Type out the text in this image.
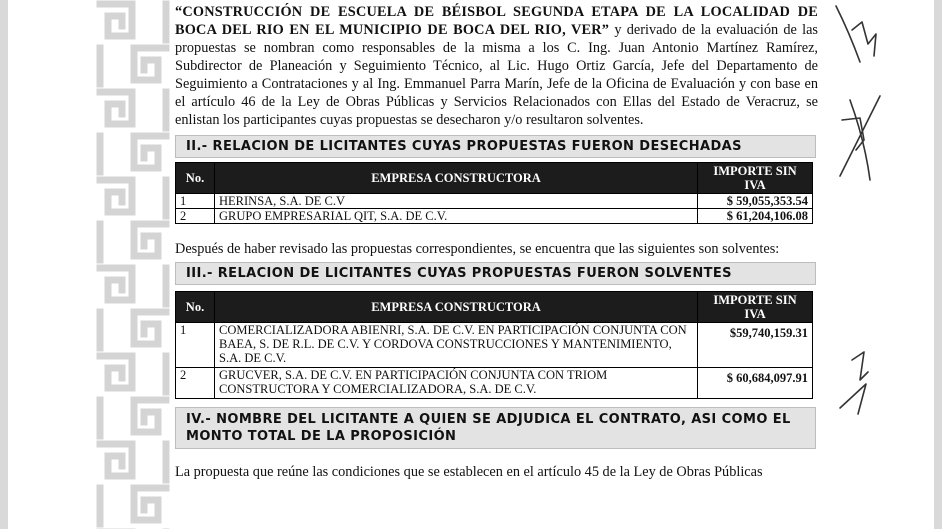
“CONSTRUCCIÓN DE ESCUELA DE BÉISBOL SEGUNDA ETAPA DE LA LOCALIDAD DE BOCA DEL RIO EN EL MUNICIPIO DE BOCA DEL RIO, VER” y derivado de la evaluación de las propuestas se nombran como responsables de la misma a los C. Ing. Juan Antonio Martínez Ramírez, Subdirector de Planeación y Seguimiento Técnico, al Lic. Hugo Ortiz García, Jefe del Departamento de Seguimiento a Contrataciones y al Ing. Emmanuel Parra Marín, Jefe de la Oficina de Evaluación y con base en el artículo 46 de la Ley de Obras Públicas y Servicios Relacionados con Ellas del Estado de Veracruz, se enlistan los participantes cuyas propuestas se desecharon y/o resultaron solventes.

II.- RELACION DE LICITANTES CUYAS PROPUESTAS FUERON DESECHADAS
No.	EMPRESA CONSTRUCTORA	IMPORTE SIN IVA
1	HERINSA, S.A. DE C.V	$ 59,055,353.54
2	GRUPO EMPRESARIAL QIT, S.A. DE C.V.	$ 61,204,106.08

Después de haber revisado las propuestas correspondientes, se encuentra que las siguientes son solventes:

III.- RELACION DE LICITANTES CUYAS PROPUESTAS FUERON SOLVENTES
No.	EMPRESA CONSTRUCTORA	IMPORTE SIN IVA
1	COMERCIALIZADORA ABIENRI, S.A. DE C.V. EN PARTICIPACIÓN CONJUNTA CON BAEA, S. DE R.L. DE C.V. Y CORDOVA CONSTRUCCIONES Y MANTENIMIENTO, S.A. DE C.V.	$59,740,159.31
2	GRUCVER, S.A. DE C.V. EN PARTICIPACIÓN CONJUNTA CON TRIOM CONSTRUCTORA Y COMERCIALIZADORA, S.A. DE C.V.	$ 60,684,097.91
IV.- NOMBRE DEL LICITANTE A QUIEN SE ADJUDICA EL CONTRATO, ASI COMO EL MONTO TOTAL DE LA PROPOSICIÓN

La propuesta que reúne las condiciones que se establecen en el artículo 45 de la Ley de Obras Públicas
